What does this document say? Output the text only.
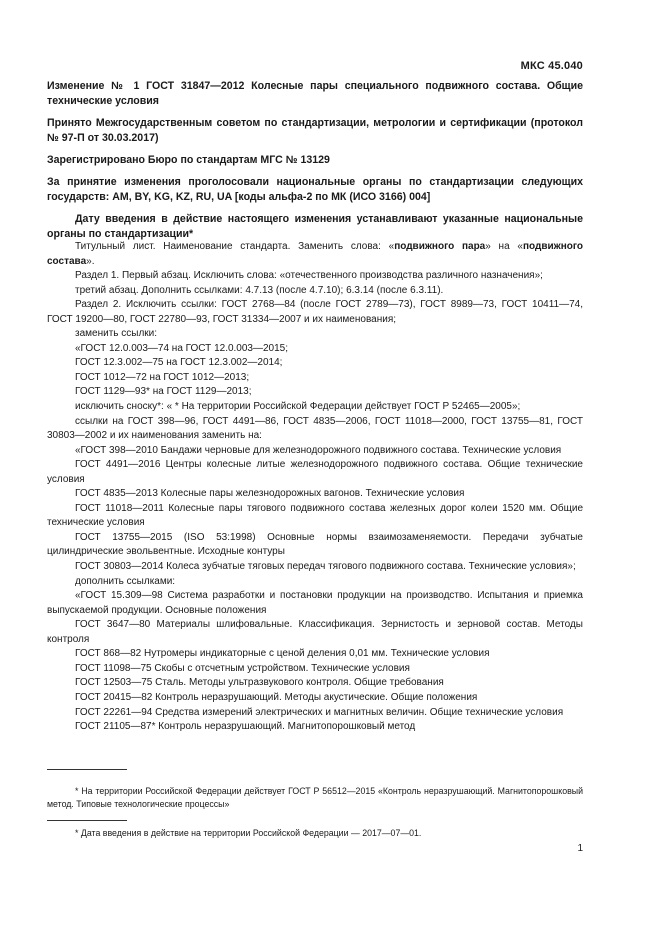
МКС 45.040

Изменение № 1 ГОСТ 31847—2012 Колесные пары специального подвижного состава. Общие технические условия

Принято Межгосударственным советом по стандартизации, метрологии и сертификации (протокол № 97-П от 30.03.2017)

Зарегистрировано Бюро по стандартам МГС № 13129

За принятие изменения проголосовали национальные органы по стандартизации следующих государств: AM, BY, KG, KZ, RU, UA [коды альфа-2 по МК (ИСО 3166) 004]

Дату введения в действие настоящего изменения устанавливают указанные национальные органы по стандартизации*

Титульный лист. Наименование стандарта. Заменить слова: «подвижного пара» на «подвижного состава».

Раздел 1. Первый абзац. Исключить слова: «отечественного производства различного назначения»;

третий абзац. Дополнить ссылками: 4.7.13 (после 4.7.10); 6.3.14 (после 6.3.11).

Раздел 2. Исключить ссылки: ГОСТ 2768—84 (после ГОСТ 2789—73), ГОСТ 8989—73, ГОСТ 10411—74, ГОСТ 19200—80, ГОСТ 22780—93, ГОСТ 31334—2007 и их наименования;

заменить ссылки:

«ГОСТ 12.0.003—74 на ГОСТ 12.0.003—2015;

ГОСТ 12.3.002—75 на ГОСТ 12.3.002—2014;

ГОСТ 1012—72 на ГОСТ 1012—2013;

ГОСТ 1129—93* на ГОСТ 1129—2013;

исключить сноску*: « * На территории Российской Федерации действует ГОСТ Р 52465—2005»;

ссылки на ГОСТ 398—96, ГОСТ 4491—86, ГОСТ 4835—2006, ГОСТ 11018—2000, ГОСТ 13755—81, ГОСТ 30803—2002 и их наименования заменить на:

«ГОСТ 398—2010 Бандажи черновые для железнодорожного подвижного состава. Технические условия

ГОСТ 4491—2016 Центры колесные литые железнодорожного подвижного состава. Общие технические условия

ГОСТ 4835—2013 Колесные пары железнодорожных вагонов. Технические условия

ГОСТ 11018—2011 Колесные пары тягового подвижного состава железных дорог колеи 1520 мм. Общие технические условия

ГОСТ 13755—2015 (ISO 53:1998) Основные нормы взаимозаменяемости. Передачи зубчатые цилиндрические эвольвентные. Исходные контуры

ГОСТ 30803—2014 Колеса зубчатые тяговых передач тягового подвижного состава. Технические условия»;

дополнить ссылками:

«ГОСТ 15.309—98 Система разработки и постановки продукции на производство. Испытания и приемка выпускаемой продукции. Основные положения

ГОСТ 3647—80 Материалы шлифовальные. Классификация. Зернистость и зерновой состав. Методы контроля

ГОСТ 868—82 Нутромеры индикаторные с ценой деления 0,01 мм. Технические условия

ГОСТ 11098—75 Скобы с отсчетным устройством. Технические условия

ГОСТ 12503—75 Сталь. Методы ультразвукового контроля. Общие требования

ГОСТ 20415—82 Контроль неразрушающий. Методы акустические. Общие положения

ГОСТ 22261—94 Средства измерений электрических и магнитных величин. Общие технические условия

ГОСТ 21105—87* Контроль неразрушающий. Магнитопорошковый метод

* На территории Российской Федерации действует ГОСТ Р 56512—2015 «Контроль неразрушающий. Магнитопорошковый метод. Типовые технологические процессы»

* Дата введения в действие на территории Российской Федерации — 2017—07—01.

1
